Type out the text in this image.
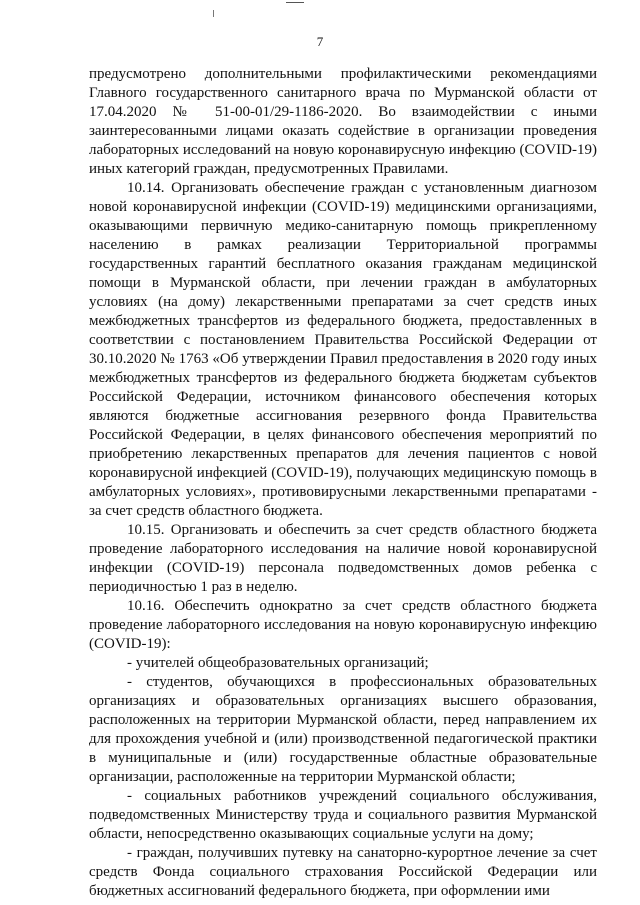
7

предусмотрено дополнительными профилактическими рекомендациями Главного государственного санитарного врача по Мурманской области от 17.04.2020 № 51-00-01/29-1186-2020. Во взаимодействии с иными заинтересованными лицами оказать содействие в организации проведения лабораторных исследований на новую коронавирусную инфекцию (COVID-19) иных категорий граждан, предусмотренных Правилами.

10.14. Организовать обеспечение граждан с установленным диагнозом новой коронавирусной инфекции (COVID-19) медицинскими организациями, оказывающими первичную медико-санитарную помощь прикрепленному населению в рамках реализации Территориальной программы государственных гарантий бесплатного оказания гражданам медицинской помощи в Мурманской области, при лечении граждан в амбулаторных условиях (на дому) лекарственными препаратами за счет средств иных межбюджетных трансфертов из федерального бюджета, предоставленных в соответствии с постановлением Правительства Российской Федерации от 30.10.2020 № 1763 «Об утверждении Правил предоставления в 2020 году иных межбюджетных трансфертов из федерального бюджета бюджетам субъектов Российской Федерации, источником финансового обеспечения которых являются бюджетные ассигнования резервного фонда Правительства Российской Федерации, в целях финансового обеспечения мероприятий по приобретению лекарственных препаратов для лечения пациентов с новой коронавирусной инфекцией (COVID-19), получающих медицинскую помощь в амбулаторных условиях», противовирусными лекарственными препаратами - за счет средств областного бюджета.

10.15. Организовать и обеспечить за счет средств областного бюджета проведение лабораторного исследования на наличие новой коронавирусной инфекции (COVID-19) персонала подведомственных домов ребенка с периодичностью 1 раз в неделю.

10.16. Обеспечить однократно за счет средств областного бюджета проведение лабораторного исследования на новую коронавирусную инфекцию (COVID-19):

- учителей общеобразовательных организаций;

- студентов, обучающихся в профессиональных образовательных организациях и образовательных организациях высшего образования, расположенных на территории Мурманской области, перед направлением их для прохождения учебной и (или) производственной педагогической практики в муниципальные и (или) государственные областные образовательные организации, расположенные на территории Мурманской области;

- социальных работников учреждений социального обслуживания, подведомственных Министерству труда и социального развития Мурманской области, непосредственно оказывающих социальные услуги на дому;

- граждан, получивших путевку на санаторно-курортное лечение за счет средств Фонда социального страхования Российской Федерации или бюджетных ассигнований федерального бюджета, при оформлении ими
